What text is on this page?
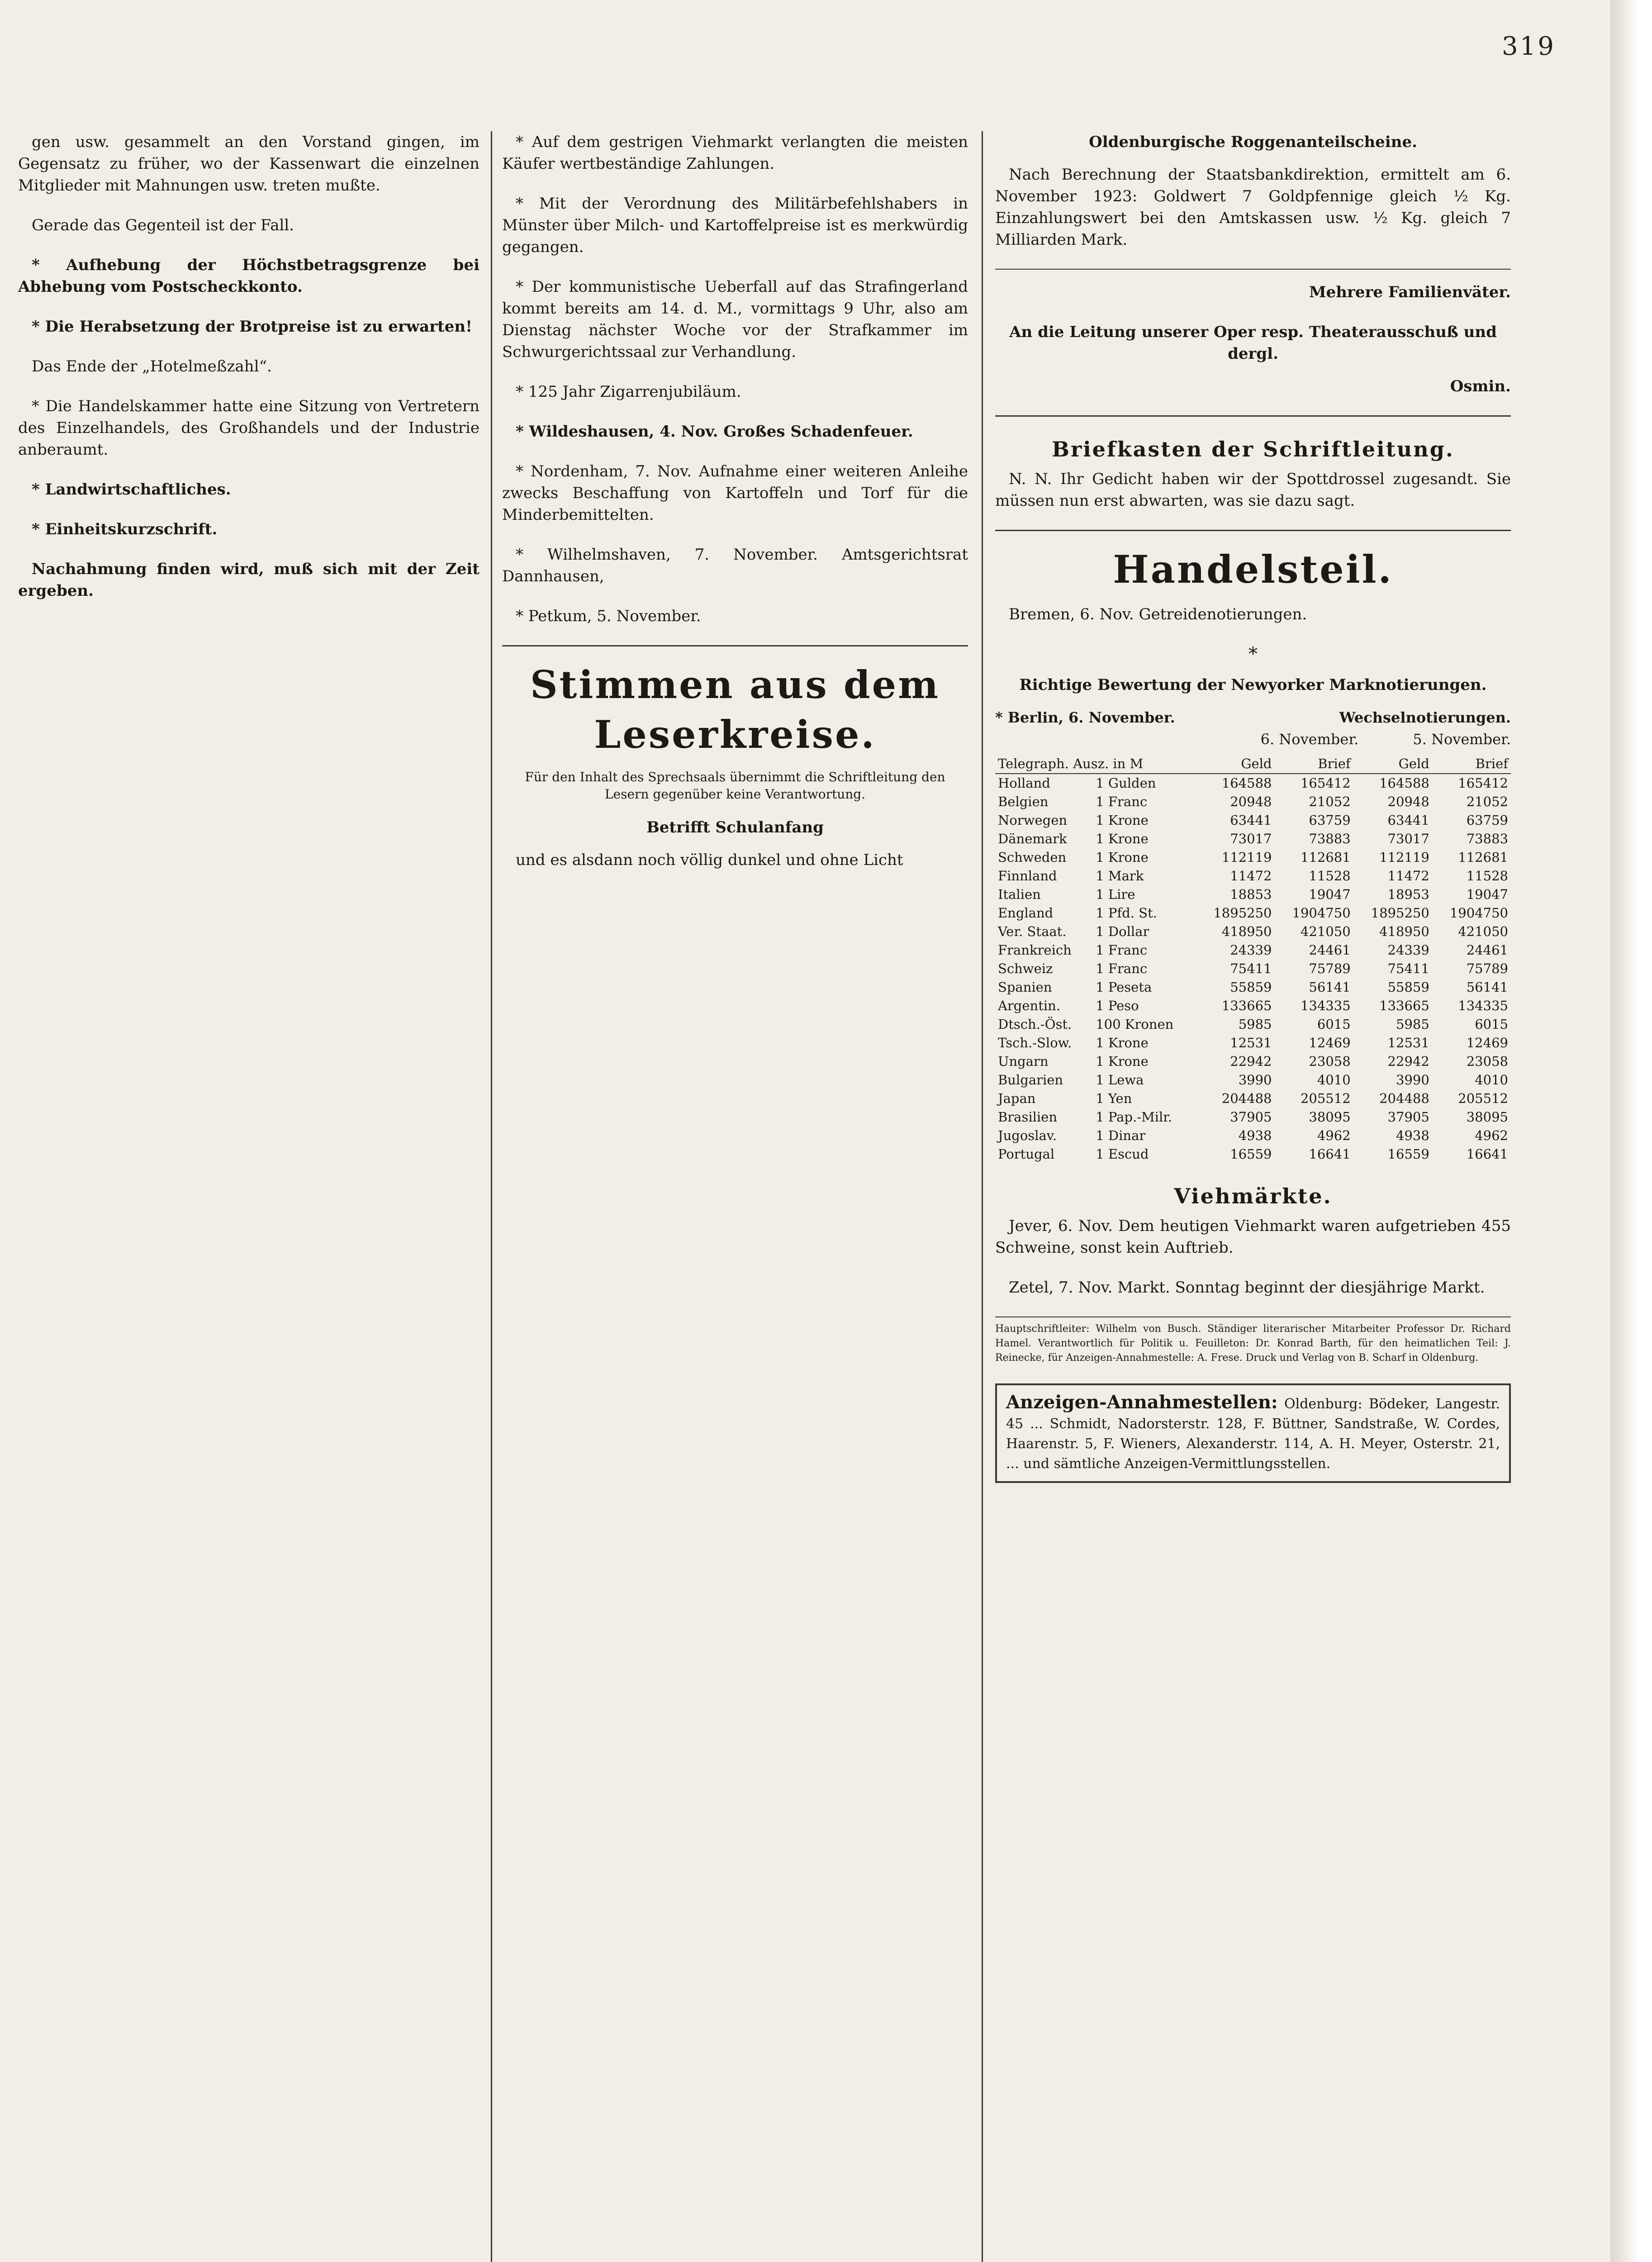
319

gen usw. gesammelt an den Vorstand gingen, im Gegensatz zu früher, wo der Kassenwart die einzelnen Mitglieder mit Mahnungen usw. treten mußte.

Gerade das Gegenteil ist der Fall.

* Aufhebung der Höchstbetragsgrenze bei Abhebung vom Postscheckkonto.

* Die Herabsetzung der Brotpreise ist zu erwarten!

Das Ende der „Hotelmeßzahl“.

* Die Handelskammer hatte eine Sitzung von Vertretern des Einzelhandels, des Großhandels und der Industrie anberaumt.

* Landwirtschaftliches.

* Einheitskurzschrift.

Nachahmung finden wird, muß sich mit der Zeit ergeben.

* Auf dem gestrigen Viehmarkt verlangten die meisten Käufer wertbeständige Zahlungen.

* Mit der Verordnung des Militärbefehlshabers in Münster über Milch- und Kartoffelpreise ist es merkwürdig gegangen.

* Der kommunistische Ueberfall auf das Strafingerland kommt bereits am 14. d. M., vormittags 9 Uhr, also am Dienstag nächster Woche vor der Strafkammer im Schwurgerichtssaal zur Verhandlung.

* 125 Jahr Zigarrenjubiläum.

* Wildeshausen, 4. Nov. Großes Schadenfeuer.

* Nordenham, 7. Nov. Aufnahme einer weiteren Anleihe zwecks Beschaffung von Kartoffeln und Torf für die Minderbemittelten.

* Wilhelmshaven, 7. November. Amtsgerichtsrat Dannhausen,

* Petkum, 5. November.

Stimmen aus dem Leserkreise.

Für den Inhalt des Sprechsaals übernimmt die Schriftleitung den Lesern gegenüber keine Verantwortung.

Betrifft Schulanfang

und es alsdann noch völlig dunkel und ohne Licht

Oldenburgische Roggenanteilscheine.

Nach Berechnung der Staatsbankdirektion, ermittelt am 6. November 1923: Goldwert 7 Goldpfennige gleich ½ Kg. Einzahlungswert bei den Amtskassen usw. ½ Kg. gleich 7 Milliarden Mark.

Mehrere Familienväter.

An die Leitung unserer Oper resp. Theaterausschuß und dergl.

Osmin.

Briefkasten der Schriftleitung.

N. N. Ihr Gedicht haben wir der Spottdrossel zugesandt. Sie müssen nun erst abwarten, was sie dazu sagt.

Handelsteil.

Bremen, 6. Nov. Getreidenotierungen.

*

Richtige Bewertung der Newyorker Marknotierungen.

* Berlin, 6. November.	Wechselnotierungen.
6. November.	5. November.
Telegraph. Ausz. in M		Geld	Brief	Geld	Brief
Holland	1 Gulden	164588	165412	164588	165412
Belgien	1 Franc	20948	21052	20948	21052
Norwegen	1 Krone	63441	63759	63441	63759
Dänemark	1 Krone	73017	73883	73017	73883
Schweden	1 Krone	112119	112681	112119	112681
Finnland	1 Mark	11472	11528	11472	11528
Italien	1 Lire	18853	19047	18953	19047
England	1 Pfd. St.	1895250	1904750	1895250	1904750
Ver. Staat.	1 Dollar	418950	421050	418950	421050
Frankreich	1 Franc	24339	24461	24339	24461
Schweiz	1 Franc	75411	75789	75411	75789
Spanien	1 Peseta	55859	56141	55859	56141
Argentin.	1 Peso	133665	134335	133665	134335
Dtsch.-Öst.	100 Kronen	5985	6015	5985	6015
Tsch.-Slow.	1 Krone	12531	12469	12531	12469
Ungarn	1 Krone	22942	23058	22942	23058
Bulgarien	1 Lewa	3990	4010	3990	4010
Japan	1 Yen	204488	205512	204488	205512
Brasilien	1 Pap.-Milr.	37905	38095	37905	38095
Jugoslav.	1 Dinar	4938	4962	4938	4962
Portugal	1 Escud	16559	16641	16559	16641
Viehmärkte.

Jever, 6. Nov. Dem heutigen Viehmarkt waren aufgetrieben 455 Schweine, sonst kein Auftrieb.

Zetel, 7. Nov. Markt. Sonntag beginnt der diesjährige Markt.

Hauptschriftleiter: Wilhelm von Busch. Ständiger literarischer Mitarbeiter Professor Dr. Richard Hamel. Verantwortlich für Politik u. Feuilleton: Dr. Konrad Barth, für den heimatlichen Teil: J. Reinecke, für Anzeigen-Annahmestelle: A. Frese. Druck und Verlag von B. Scharf in Oldenburg.

Anzeigen-Annahmestellen: Oldenburg: Bödeker, Langestr. 45 ... Schmidt, Nadorsterstr. 128, F. Büttner, Sandstraße, W. Cordes, Haarenstr. 5, F. Wieners, Alexanderstr. 114, A. H. Meyer, Osterstr. 21, ... und sämtliche Anzeigen-Vermittlungsstellen.
